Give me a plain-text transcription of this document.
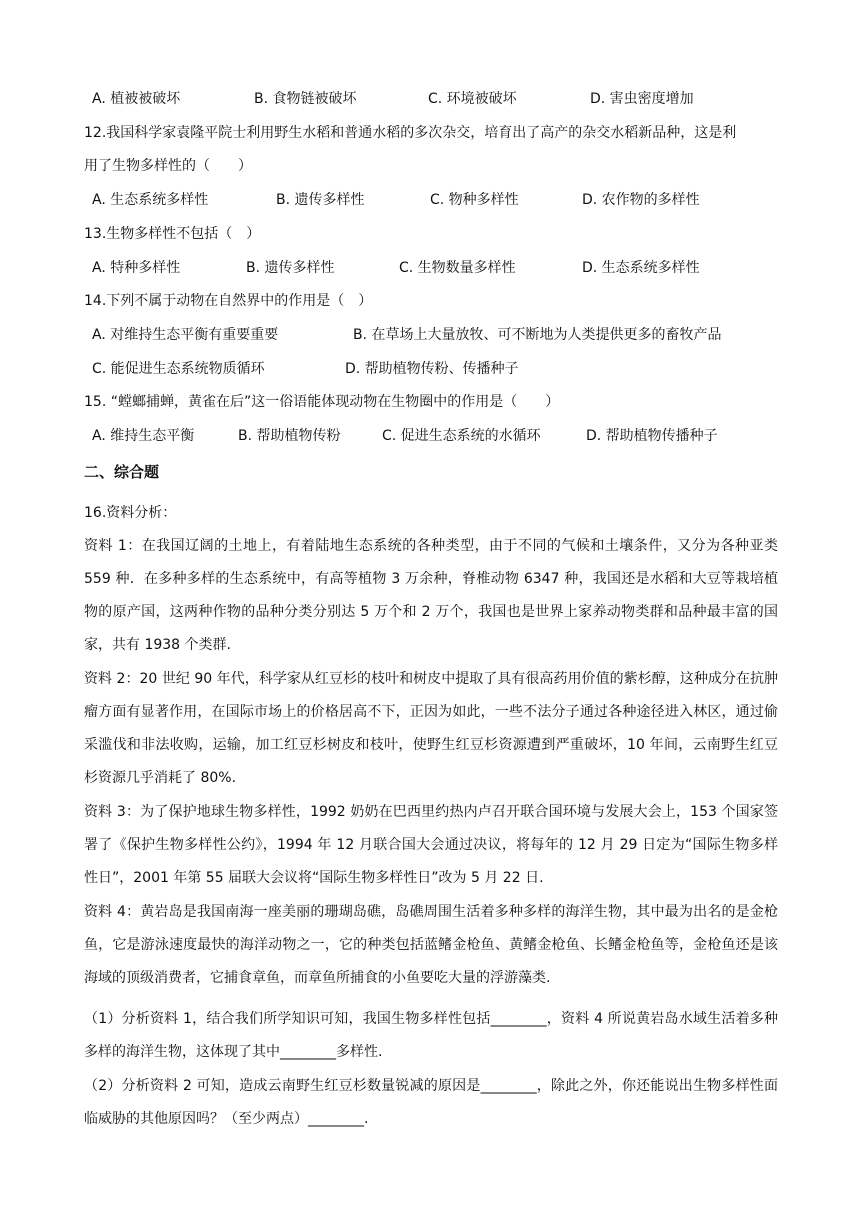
A. 植被被破坏	B. 食物链被破坏	C. 环境被破坏	D. 害虫密度增加
12.我国科学家袁隆平院士利用野生水稻和普通水稻的多次杂交，培育出了高产的杂交水稻新品种，这是利
用了生物多样性的（　　）
A. 生态系统多样性	B. 遗传多样性	C. 物种多样性	D. 农作物的多样性
13.生物多样性不包括（　）
A. 特种多样性	B. 遗传多样性	C. 生物数量多样性	D. 生态系统多样性
14.下列不属于动物在自然界中的作用是（　）
A. 对维持生态平衡有重要重要	B. 在草场上大量放牧、可不断地为人类提供更多的畜牧产品
C. 能促进生态系统物质循环	D. 帮助植物传粉、传播种子
15. “螳螂捕蝉，黄雀在后”这一俗语能体现动物在生物圈中的作用是（　　）
A. 维持生态平衡	B. 帮助植物传粉	C. 促进生态系统的水循环	D. 帮助植物传播种子
二、综合题
16.资料分析：
资料 1：在我国辽阔的土地上，有着陆地生态系统的各种类型，由于不同的气候和土壤条件，又分为各种亚类 559 种．在多种多样的生态系统中，有高等植物 3 万余种，脊椎动物 6347 种，我国还是水稻和大豆等栽培植物的原产国，这两种作物的品种分类分别达 5 万个和 2 万个，我国也是世界上家养动物类群和品种最丰富的国家，共有 1938 个类群.
资料 2：20 世纪 90 年代，科学家从红豆杉的枝叶和树皮中提取了具有很高药用价值的紫杉醇，这种成分在抗肿瘤方面有显著作用，在国际市场上的价格居高不下，正因为如此，一些不法分子通过各种途径进入林区，通过偷采滥伐和非法收购，运输，加工红豆杉树皮和枝叶，使野生红豆杉资源遭到严重破坏，10 年间，云南野生红豆杉资源几乎消耗了 80%.
资料 3：为了保护地球生物多样性，1992 奶奶在巴西里约热内卢召开联合国环境与发展大会上，153 个国家签署了《保护生物多样性公约》，1994 年 12 月联合国大会通过决议，将每年的 12 月 29 日定为“国际生物多样性日”，2001 年第 55 届联大会议将“国际生物多样性日”改为 5 月 22 日.
资料 4：黄岩岛是我国南海一座美丽的珊瑚岛礁，岛礁周围生活着多种多样的海洋生物，其中最为出名的是金枪鱼，它是游泳速度最快的海洋动物之一，它的种类包括蓝鳍金枪鱼、黄鳍金枪鱼、长鳍金枪鱼等，金枪鱼还是该海域的顶级消费者，它捕食章鱼，而章鱼所捕食的小鱼要吃大量的浮游藻类.
（1）分析资料 1，结合我们所学知识可知，我国生物多样性包括________，资料 4 所说黄岩岛水域生活着多种多样的海洋生物，这体现了其中________多样性.
（2）分析资料 2 可知，造成云南野生红豆杉数量锐减的原因是________，除此之外，你还能说出生物多样性面临威胁的其他原因吗？（至少两点）________.
